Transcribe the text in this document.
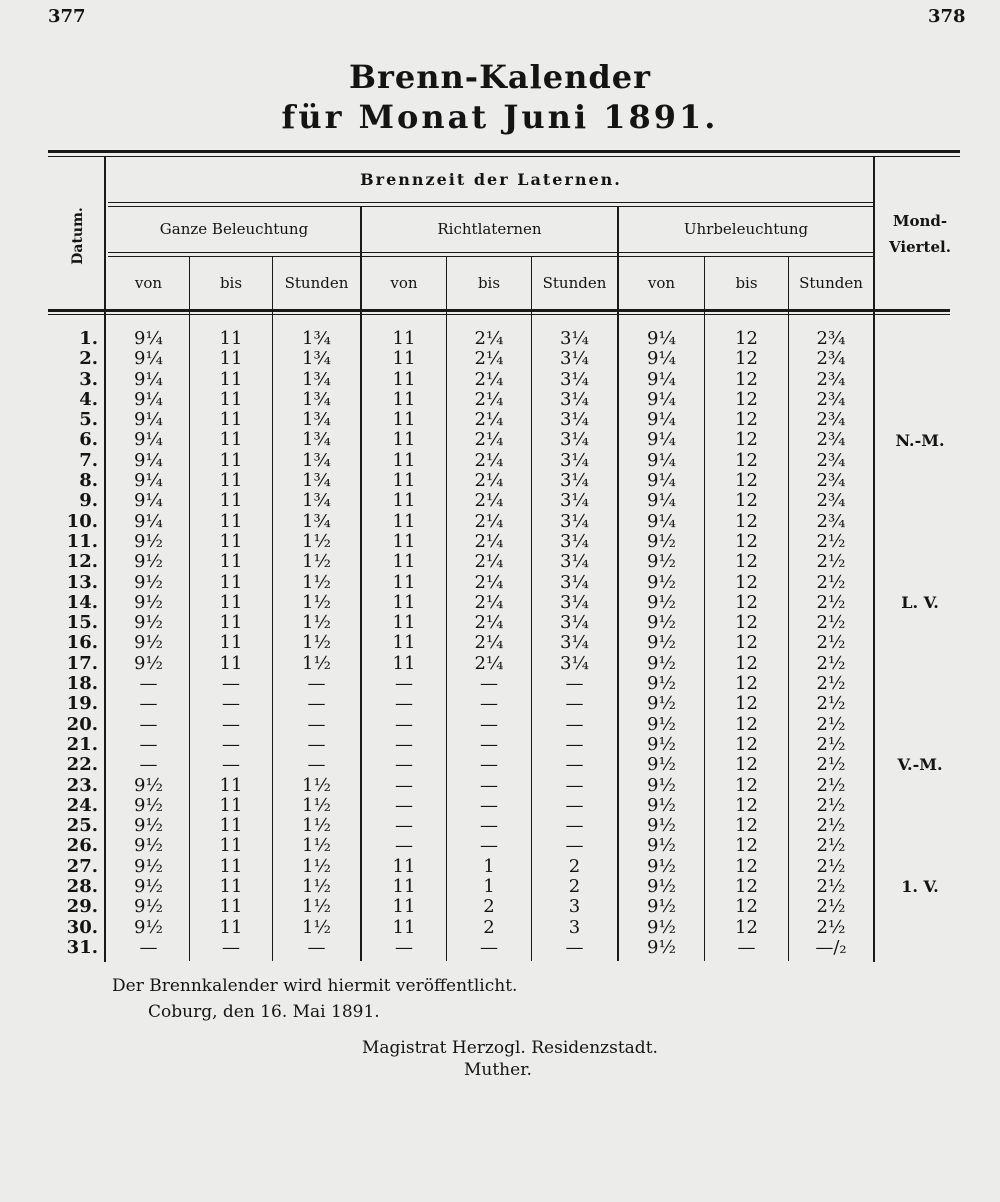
377	378
Brenn-Kalender
für Monat Juni 1891.
Datum.
Brennzeit der Laternen.
Ganze Beleuchtung	Richtlaternen	Uhrbeleuchtung
von	bis	Stunden	von	bis	Stunden	von	bis	Stunden
Mond-
Viertel.
1.	9¼	11	1¾	11	2¼	3¼	9¼	12	2¾
2.	9¼	11	1¾	11	2¼	3¼	9¼	12	2¾
3.	9¼	11	1¾	11	2¼	3¼	9¼	12	2¾
4.	9¼	11	1¾	11	2¼	3¼	9¼	12	2¾
5.	9¼	11	1¾	11	2¼	3¼	9¼	12	2¾
6.	9¼	11	1¾	11	2¼	3¼	9¼	12	2¾
7.	9¼	11	1¾	11	2¼	3¼	9¼	12	2¾
8.	9¼	11	1¾	11	2¼	3¼	9¼	12	2¾
9.	9¼	11	1¾	11	2¼	3¼	9¼	12	2¾
10.	9¼	11	1¾	11	2¼	3¼	9¼	12	2¾
11.	9½	11	1½	11	2¼	3¼	9½	12	2½
12.	9½	11	1½	11	2¼	3¼	9½	12	2½
13.	9½	11	1½	11	2¼	3¼	9½	12	2½
14.	9½	11	1½	11	2¼	3¼	9½	12	2½
15.	9½	11	1½	11	2¼	3¼	9½	12	2½
16.	9½	11	1½	11	2¼	3¼	9½	12	2½
17.	9½	11	1½	11	2¼	3¼	9½	12	2½
18.	—	—	—	—	—	—	9½	12	2½
19.	—	—	—	—	—	—	9½	12	2½
20.	—	—	—	—	—	—	9½	12	2½
21.	—	—	—	—	—	—	9½	12	2½
22.	—	—	—	—	—	—	9½	12	2½
23.	9½	11	1½	—	—	—	9½	12	2½
24.	9½	11	1½	—	—	—	9½	12	2½
25.	9½	11	1½	—	—	—	9½	12	2½
26.	9½	11	1½	—	—	—	9½	12	2½
27.	9½	11	1½	11	1	2	9½	12	2½
28.	9½	11	1½	11	1	2	9½	12	2½
29.	9½	11	1½	11	2	3	9½	12	2½
30.	9½	11	1½	11	2	3	9½	12	2½
31.	—	—	—	—	—	—	9½	—	—/₂
N.-M.
L. V.
V.-M.
1. V.
Der Brennkalender wird hiermit veröffentlicht.
Coburg, den 16. Mai 1891.
Magistrat Herzogl. Residenzstadt.
Muther.
